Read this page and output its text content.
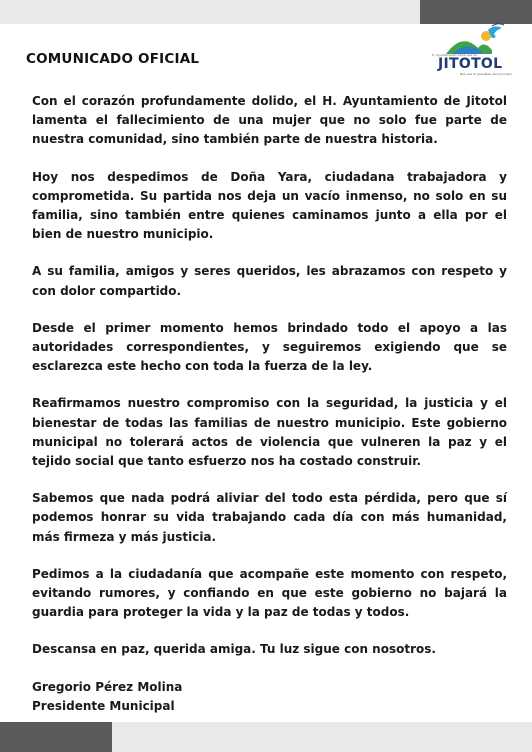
COMUNICADO OFICIAL	H. Ayuntamiento Municipal de
JITOTOL
Nos une la grandeza del municipio

Con el corazón profundamente dolido, el H. Ayuntamiento de Jitotol lamenta el fallecimiento de una mujer que no solo fue parte de nuestra comunidad, sino también parte de nuestra historia.

Hoy nos despedimos de Doña Yara, ciudadana trabajadora y comprometida. Su partida nos deja un vacío inmenso, no solo en su familia, sino también entre quienes caminamos junto a ella por el bien de nuestro municipio.

A su familia, amigos y seres queridos, les abrazamos con respeto y con dolor compartido.

Desde el primer momento hemos brindado todo el apoyo a las autoridades correspondientes, y seguiremos exigiendo que se esclarezca este hecho con toda la fuerza de la ley.

Reafirmamos nuestro compromiso con la seguridad, la justicia y el bienestar de todas las familias de nuestro municipio. Este gobierno municipal no tolerará actos de violencia que vulneren la paz y el tejido social que tanto esfuerzo nos ha costado construir.

Sabemos que nada podrá aliviar del todo esta pérdida, pero que sí podemos honrar su vida trabajando cada día con más humanidad, más firmeza y más justicia.

Pedimos a la ciudadanía que acompañe este momento con respeto, evitando rumores, y confiando en que este gobierno no bajará la guardia para proteger la vida y la paz de todas y todos.

Descansa en paz, querida amiga. Tu luz sigue con nosotros.

Gregorio Pérez Molina
Presidente Municipal
